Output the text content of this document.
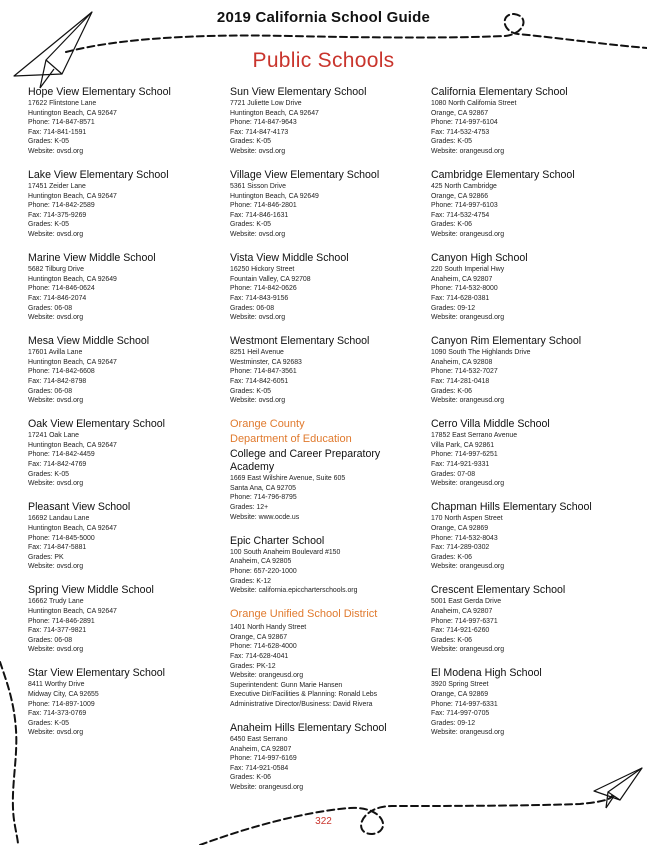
2019 California School Guide
Public Schools
Hope View Elementary School
17622 Flintstone Lane
Huntington Beach, CA 92647
Phone: 714-847-8571
Fax: 714-841-1591
Grades: K-05
Website: ovsd.org
Lake View Elementary School
17451 Zeider Lane
Huntington Beach, CA 92647
Phone: 714-842-2589
Fax: 714-375-9269
Grades: K-05
Website: ovsd.org
Marine View Middle School
5682 Tilburg Drive
Huntington Beach, CA 92649
Phone: 714-846-0624
Fax: 714-846-2074
Grades: 06-08
Website: ovsd.org
Mesa View Middle School
17601 Avilla Lane
Huntington Beach, CA 92647
Phone: 714-842-6608
Fax: 714-842-8798
Grades: 06-08
Website: ovsd.org
Oak View Elementary School
17241 Oak Lane
Huntington Beach, CA 92647
Phone: 714-842-4459
Fax: 714-842-4769
Grades: K-05
Website: ovsd.org
Pleasant View School
16692 Landau Lane
Huntington Beach, CA 92647
Phone: 714-845-5000
Fax: 714-847-5881
Grades: PK
Website: ovsd.org
Spring View Middle School
16662 Trudy Lane
Huntington Beach, CA 92647
Phone: 714-846-2891
Fax: 714-377-9821
Grades: 06-08
Website: ovsd.org
Star View Elementary School
8411 Worthy Drive
Midway City, CA 92655
Phone: 714-897-1009
Fax: 714-373-0769
Grades: K-05
Website: ovsd.org
Sun View Elementary School
7721 Juliette Low Drive
Huntington Beach, CA 92647
Phone: 714-847-9643
Fax: 714-847-4173
Grades: K-05
Website: ovsd.org
Village View Elementary School
5361 Sisson Drive
Huntington Beach, CA 92649
Phone: 714-846-2801
Fax: 714-846-1631
Grades: K-05
Website: ovsd.org
Vista View Middle School
16250 Hickory Street
Fountain Valley, CA 92708
Phone: 714-842-0626
Fax: 714-843-9156
Grades: 06-08
Website: ovsd.org
Westmont Elementary School
8251 Heil Avenue
Westminster, CA 92683
Phone: 714-847-3561
Fax: 714-842-6051
Grades: K-05
Website: ovsd.org
Orange County
Department of Education
College and Career Preparatory
Academy
1669 East Wilshire Avenue, Suite 605
Santa Ana, CA 92705
Phone: 714-796-8795
Grades: 12+
Website: www.ocde.us
Epic Charter School
100 South Anaheim Boulevard #150
Anaheim, CA 92805
Phone: 657-220-1000
Grades: K-12
Website: california.epiccharterschools.org
Orange Unified School District
1401 North Handy Street
Orange, CA 92867
Phone: 714-628-4000
Fax: 714-628-4041
Grades: PK-12
Website: orangeusd.org
Superintendent: Gunn Marie Hansen
Executive Dir/Facilities & Planning: Ronald Lebs
Administrative Director/Business: David Rivera
Anaheim Hills Elementary School
6450 East Serrano
Anaheim, CA 92807
Phone: 714-997-6169
Fax: 714-921-0584
Grades: K-06
Website: orangeusd.org
California Elementary School
1080 North California Street
Orange, CA 92867
Phone: 714-997-6104
Fax: 714-532-4753
Grades: K-05
Website: orangeusd.org
Cambridge Elementary School
425 North Cambridge
Orange, CA 92866
Phone: 714-997-6103
Fax: 714-532-4754
Grades: K-06
Website: orangeusd.org
Canyon High School
220 South Imperial Hwy
Anaheim, CA 92807
Phone: 714-532-8000
Fax: 714-628-0381
Grades: 09-12
Website: orangeusd.org
Canyon Rim Elementary School
1090 South The Highlands Drive
Anaheim, CA 92808
Phone: 714-532-7027
Fax: 714-281-0418
Grades: K-06
Website: orangeusd.org
Cerro Villa Middle School
17852 East Serrano Avenue
Villa Park, CA 92861
Phone: 714-997-6251
Fax: 714-921-9331
Grades: 07-08
Website: orangeusd.org
Chapman Hills Elementary School
170 North Aspen Street
Orange, CA 92869
Phone: 714-532-8043
Fax: 714-289-0302
Grades: K-06
Website: orangeusd.org
Crescent Elementary School
5001 East Gerda Drive
Anaheim, CA 92807
Phone: 714-997-6371
Fax: 714-921-6260
Grades: K-06
Website: orangeusd.org
El Modena High School
3920 Spring Street
Orange, CA 92869
Phone: 714-997-6331
Fax: 714-997-0705
Grades: 09-12
Website: orangeusd.org
322
